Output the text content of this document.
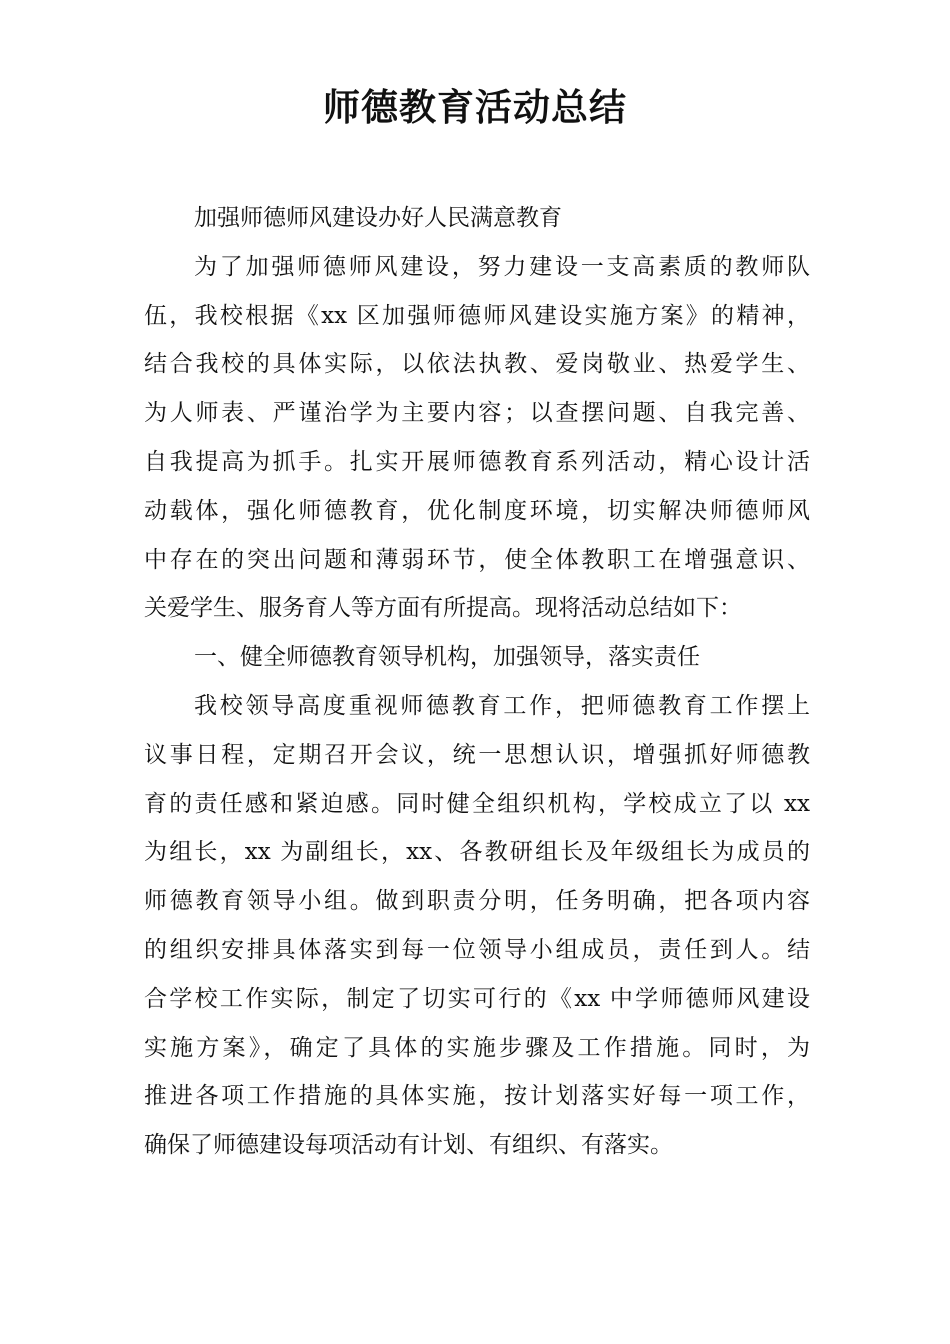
师德教育活动总结
加强师德师风建设办好人民满意教育
为了加强师德师风建设，努力建设一支高素质的教师队
伍，我校根据《xx 区加强师德师风建设实施方案》的精神，
结合我校的具体实际，以依法执教、爱岗敬业、热爱学生、
为人师表、严谨治学为主要内容；以查摆问题、自我完善、
自我提高为抓手。扎实开展师德教育系列活动，精心设计活
动载体，强化师德教育，优化制度环境，切实解决师德师风
中存在的突出问题和薄弱环节，使全体教职工在增强意识、
关爱学生、服务育人等方面有所提高。现将活动总结如下：
一、健全师德教育领导机构，加强领导，落实责任
我校领导高度重视师德教育工作，把师德教育工作摆上
议事日程，定期召开会议，统一思想认识，增强抓好师德教
育的责任感和紧迫感。同时健全组织机构，学校成立了以 xx
为组长，xx 为副组长，xx、各教研组长及年级组长为成员的
师德教育领导小组。做到职责分明，任务明确，把各项内容
的组织安排具体落实到每一位领导小组成员，责任到人。结
合学校工作实际，制定了切实可行的《xx 中学师德师风建设
实施方案》，确定了具体的实施步骤及工作措施。同时，为
推进各项工作措施的具体实施，按计划落实好每一项工作，
确保了师德建设每项活动有计划、有组织、有落实。
